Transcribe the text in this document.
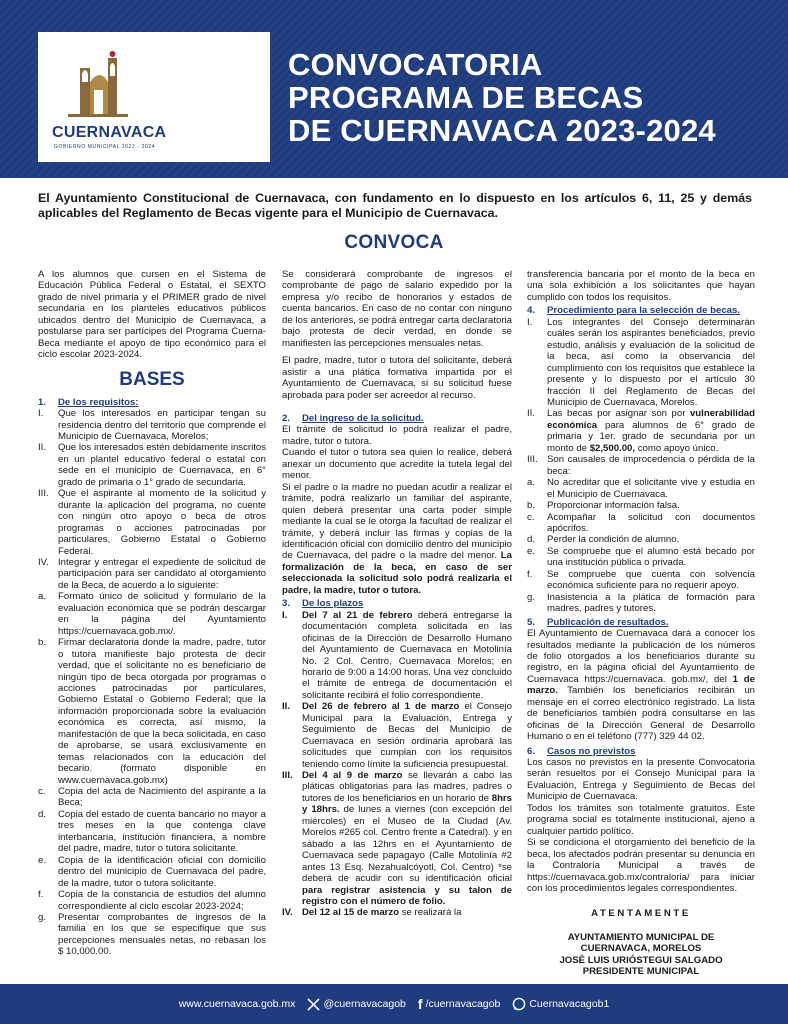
CUERNAVACA
GOBIERNO MUNICIPAL 2022 - 2024
CONVOCATORIA
PROGRAMA DE BECAS
DE CUERNAVACA 2023-2024
El Ayuntamiento Constitucional de Cuernavaca, con fundamento en lo dispuesto en los artículos 6, 11, 25 y demás aplicables del Reglamento de Becas vigente para el Municipio de Cuernavaca.
CONVOCA

A los alumnos que cursen en el Sistema de Educación Pública Federal o Estatal, el SEXTO grado de nivel primaria y el PRIMER grado de nivel secundaria en los planteles educativos públicos ubicados dentro del Municipio de Cuernavaca, a postularse para ser partícipes del Programa Cuerna-Beca mediante el apoyo de tipo económico para el ciclo escolar 2023-2024.

BASES
1.	De los requisitos:
I.	Que los interesados en participar tengan su residencia dentro del territorio que comprende el Municipio de Cuernavaca, Morelos;
II.	Que los interesados estén debidamente inscritos en un plantel educativo federal o estatal con sede en el municipio de Cuernavaca, en 6° grado de primaria o 1° grado de secundaria.
III. Que el aspirante al momento de la solicitud y durante la aplicación del programa, no cuente con ningún otro apoyo o beca de otros programas o acciones patrocinadas por particulares, Gobierno Estatal o Gobierno Federal.
IV. Integrar y entregar el expediente de solicitud de participación para ser candidato al otorgamiento de la Beca, de acuerdo a lo siguiente:
a.	Formato único de solicitud y formulario de la evaluación económica que se podrán descargar en la página del Ayuntamiento https://cuernavaca.gob.mx/.
b.	Firmar declaratoria donde la madre, padre, tutor o tutora manifieste bajo protesta de decir verdad, que el solicitante no es beneficiario de ningún tipo de beca otorgada por programas o acciones patrocinadas por particulares, Gobierno Estatal o Gobierno Federal; que la información proporcionada sobre la evaluación económica es correcta, así mismo, la manifestación de que la beca solicitada, en caso de aprobarse, se usará exclusivamente en temas relacionados con la educación del becario. (formato disponible en www.cuernavaca.gob.mx)
c.	Copia del acta de Nacimiento del aspirante a la Beca;
d.	Copia del estado de cuenta bancario no mayor a tres meses en la que contenga clave interbancaria, institución financiera, a nombre del padre, madre, tutor o tutora solicitante.
e.	Copia de la identificación oficial con domicilio dentro del municipio de Cuernavaca del padre, de la madre, tutor o tutora solicitante.
f.	Copia de la constancia de estudios del alumno correspondiente al ciclo escolar 2023-2024;
g.	Presentar comprobantes de ingresos de la familia en los que se especifique que sus percepciones mensuales netas, no rebasan los $ 10,000.00.

Se considerará comprobante de ingresos el comprobante de pago de salario expedido por la empresa y/o recibo de honorarios y estados de cuenta bancarios. En caso de no contar con ninguno de los anteriores, se podrá entregar carta declaratoria bajo protesta de decir verdad, en donde se manifiesten las percepciones mensuales netas.

El padre, madre, tutor o tutora del solicitante, deberá asistir a una plática formativa impartida por el Ayuntamiento de Cuernavaca, si su solicitud fuese aprobada para poder ser acreedor al recurso.

2.	Del ingreso de la solicitud.

El trámite de solicitud lo podrá realizar el padre, madre, tutor o tutora.

Cuando el tutor o tutora sea quien lo realice, deberá anexar un documento que acredite la tutela legal del menor.

Si el padre o la madre no puedan acudir a realizar el trámite, podrá realizarlo un familiar del aspirante, quien deberá presentar una carta poder simple mediante la cual se le otorga la facultad de realizar el trámite, y deberá incluir las firmas y copias de la identificación oficial con domicilio dentro del municipio de Cuernavaca, del padre o la madre del menor. La formalización de la beca, en caso de ser seleccionada la solicitud solo podrá realizarla el padre, la madre, tutor o tutora.

3.	De los plazos
I.	Del 7 al 21 de febrero deberá entregarse la documentación completa solicitada en las oficinas de la Dirección de Desarrollo Humano del Ayuntamiento de Cuernavaca en Motolinía No. 2 Col. Centro, Cuernavaca Morelos; en horario de 9:00 a 14:00 horas. Una vez concluido el trámite de entrega de documentación el solicitante recibirá el folio correspondiente.
II.	Del 26 de febrero al 1 de marzo el Consejo Municipal para la Evaluación, Entrega y Seguimiento de Becas del Municipio de Cuernavaca en sesión ordinaria aprobará las solicitudes que cumplan con los requisitos teniendo como límite la suficiencia presupuestal.
III. Del 4 al 9 de marzo se llevarán a cabo las pláticas obligatorias para las madres, padres o tutores de los beneficiarios en un horario de 8hrs y 18hrs. de lunes a viernes (con excepción del miércoles) en el Museo de la Ciudad (Av. Morelos #265 col. Centro frente a Catedral). y en sábado a las 12hrs en el Ayuntamiento de Cuernavaca sede papagayo (Calle Motolinía #2 antes 13 Esq. Nezahualcóyotl, Col. Centro) *se deberá de acudir con su identificación oficial para registrar asistencia y su talon de registro con el número de folio.
IV. Del 12 al 15 de marzo se realizará la

transferencia bancaria por el monto de la beca en una sola exhibición a los solicitantes que hayan cumplido con todos los requisitos.

4.	Procedimiento para la selección de becas.
I.	Los integrantes del Consejo determinarán cuáles serán los aspirantes beneficiados, previo estudio, análisis y evaluación de la solicitud de la beca, así como la observancia del cumplimiento con los requisitos que establece la presente y lo dispuesto por el artículo 30 fracción II del Reglamento de Becas del Municipio de Cuernavaca, Morelos.
II.	Las becas por asignar son por vulnerabilidad económica para alumnos de 6° grado de primaria y 1er. grado de secundaria por un monto de $2,500.00, como apoyo único.
III. Son causales de improcedencia o pérdida de la beca:
a.	No acreditar que el solicitante vive y estudia en el Municipio de Cuernavaca.
b.	Proporcionar información falsa.
c.	Acompañar la solicitud con documentos apócrifos.
d.	Perder la condición de alumno.
e.	Se compruebe que el alumno está becado por una institución pública o privada.
f.	Se compruebe que cuenta con solvencia económica suficiente para no requerir apoyo.
g.	Inasistencia a la plática de formación para madres, padres y tutores.
5.	Publicación de resultados.

El Ayuntamiento de Cuernavaca dará a conocer los resultados mediante la publicación de los números de folio otorgados a los beneficiarios durante su registro, en la página oficial del Ayuntamiento de Cuernavaca https://cuernavaca. gob.mx/, del 1 de marzo. También los beneficiarios recibirán un mensaje en el correo electrónico registrado. La lista de beneficiarios también podrá consultarse en las oficinas de la Dirección General de Desarrollo Humano o en el teléfono (777) 329 44 02.

6.	Casos no previstos

Los casos no previstos en la presente Convocatoria serán resueltos por el Consejo Municipal para la Evaluación, Entrega y Seguimiento de Becas del Municipio de Cuernavaca.

Todos los trámites son totalmente gratuitos. Este programa social es totalmente institucional, ajeno a cualquier partido político.

Si se condiciona el otorgamiento del beneficio de la beca, los afectados podrán presentar su denuncia en la Contraloría Municipal a través de https://cuernavaca.gob.mx/contraloria/ para iniciar con los procedimientos legales correspondientes.

ATENTAMENTE
AYUNTAMIENTO MUNICIPAL DE
CUERNAVACA, MORELOS
JOSÉ LUIS URIÓSTEGUI SALGADO
PRESIDENTE MUNICIPAL
www.cuernavaca.gob.mx	@cuernavacagob f /cuernavacagob	Cuernavacagob1
